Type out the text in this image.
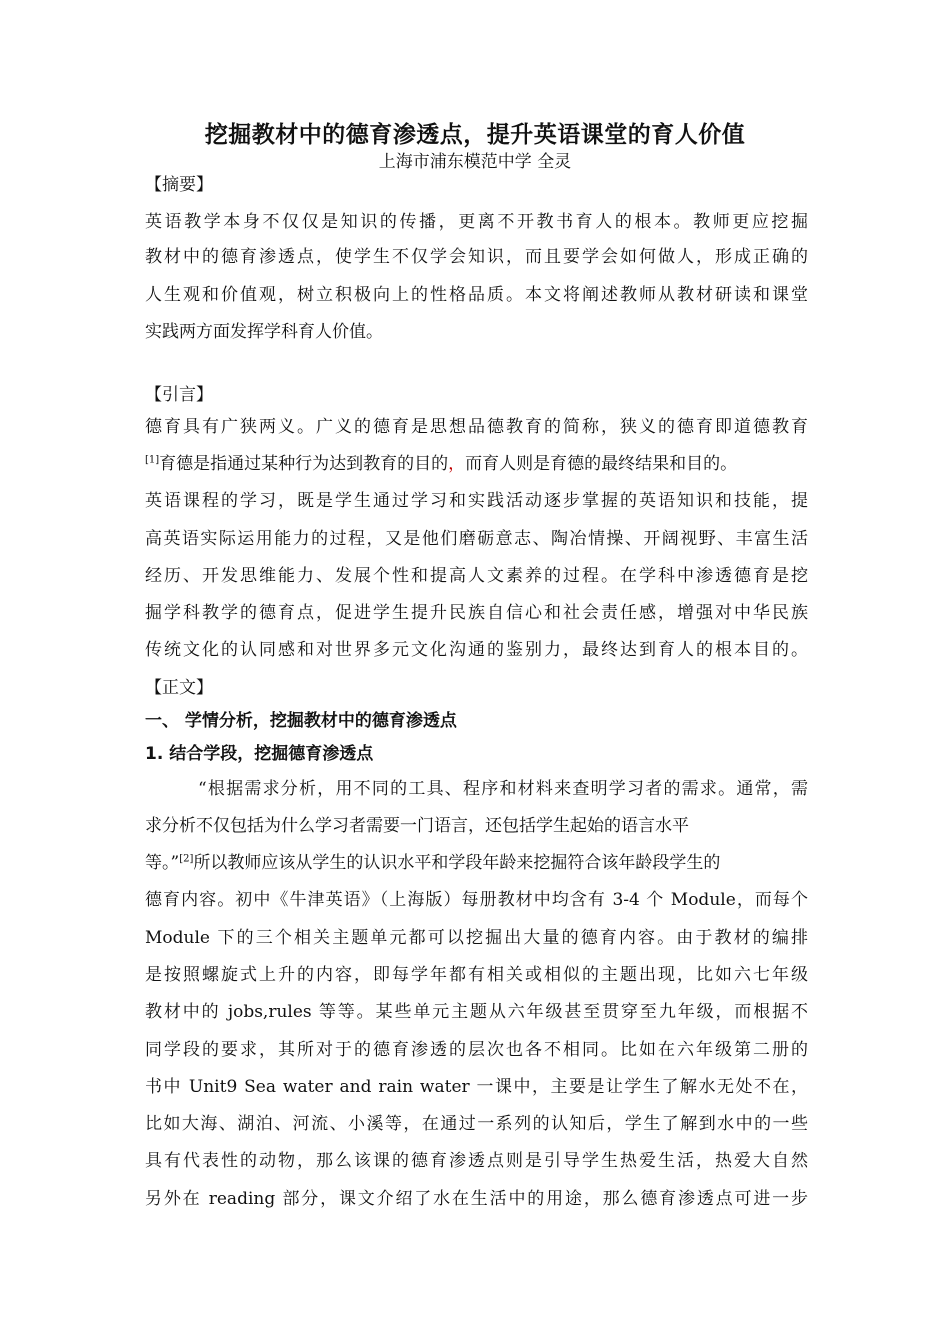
挖掘教材中的德育渗透点，提升英语课堂的育人价值
上海市浦东模范中学 全灵
【摘要】
英语教学本身不仅仅是知识的传播，更离不开教书育人的根本。教师更应挖掘
教材中的德育渗透点，使学生不仅学会知识，而且要学会如何做人，形成正确的
人生观和价值观，树立积极向上的性格品质。本文将阐述教师从教材研读和课堂
实践两方面发挥学科育人价值。
【引言】
德育具有广狭两义。广义的德育是思想品德教育的简称，狭义的德育即道德教育
[1]育德是指通过某种行为达到教育的目的，而育人则是育德的最终结果和目的。
英语课程的学习，既是学生通过学习和实践活动逐步掌握的英语知识和技能，提
高英语实际运用能力的过程，又是他们磨砺意志、陶冶情操、开阔视野、丰富生活
经历、开发思维能力、发展个性和提高人文素养的过程。在学科中渗透德育是挖
掘学科教学的德育点，促进学生提升民族自信心和社会责任感，增强对中华民族
传统文化的认同感和对世界多元文化沟通的鉴别力，最终达到育人的根本目的。
【正文】
一、 学情分析，挖掘教材中的德育渗透点
1. 结合学段，挖掘德育渗透点
“根据需求分析，用不同的工具、程序和材料来查明学习者的需求。通常，需
求分析不仅包括为什么学习者需要一门语言，还包括学生起始的语言水平
等。”[2]所以教师应该从学生的认识水平和学段年龄来挖掘符合该年龄段学生的
德育内容。初中《牛津英语》（上海版）每册教材中均含有 3-4 个 Module，而每个
Module 下的三个相关主题单元都可以挖掘出大量的德育内容。由于教材的编排
是按照螺旋式上升的内容，即每学年都有相关或相似的主题出现，比如六七年级
教材中的 jobs,rules 等等。某些单元主题从六年级甚至贯穿至九年级，而根据不
同学段的要求，其所对于的德育渗透的层次也各不相同。比如在六年级第二册的
书中 Unit9 Sea water and rain water 一课中，主要是让学生了解水无处不在，
比如大海、湖泊、河流、小溪等，在通过一系列的认知后，学生了解到水中的一些
具有代表性的动物，那么该课的德育渗透点则是引导学生热爱生活，热爱大自然
另外在 reading 部分，课文介绍了水在生活中的用途，那么德育渗透点可进一步
